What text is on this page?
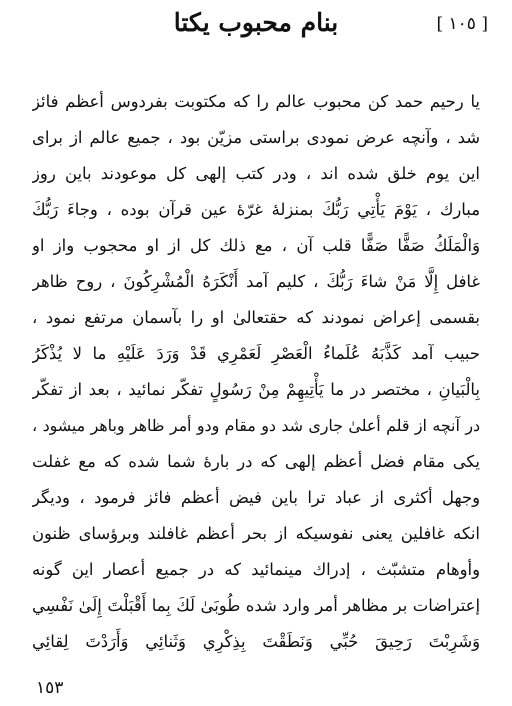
[ ١٠٥ ]
بنام محبوب يكتا
يا رحيم حمد كن محبوب عالم را كه مكتوبت بفردوس أعظم فائز
شد ، وآنچه عرض نمودى براستى مزيّن بود ، جميع عالم از براى
اين يوم خلق شده اند ، ودر كتب إلهى كل موعودند باين روز
مبارك ، يَوْمَ يَأْتِي رَبُّكَ بمنزلهٔ غرّهٔ عين قرآن بوده ، وجاءَ رَبُّكَ
وَالْمَلَكُ صَفًّا صَفًّا قلب آن ، مع ذلك كل از او محجوب واز او
غافل إِلَّا مَنْ شاءَ رَبُّكَ ، كليم آمد أَنْكَرَهُ الْمُشْرِكُونَ ، روح ظاهر
بقسمى إعراض نمودند كه حقتعالىٰ او را بآسمان مرتفع نمود ،
حبيب آمد كَذَّبَهُ عُلَماءُ الْعَصْرِ لَعَمْرِي قَدْ وَرَدَ عَلَيْهِ ما لا يُذْكَرُ
بِالْبَيانِ ، مختصر در ما يَأْتِيهِمْ مِنْ رَسُولٍ تفكّر نمائيد ، بعد از تفكّر
در آنچه از قلم أعلىٰ جارى شد دو مقام ودو أمر ظاهر وباهر ميشود ،
يكى مقام فضل أعظم إلهى كه در بارهٔ شما شده كه مع غفلت
وجهل أكثرى از عباد ترا باين فيض أعظم فائز فرمود ، وديگر
انكه غافلين يعنى نفوسيكه از بحر أعظم غافلند وبرؤساى ظنون
وأوهام متشبّث ، إدراك مينمائيد كه در جميع أعصار اين گونه
إعتراضات بر مظاهر أمر وارد شده طُوبَىٰ لَكَ بِما أَقْبَلْتَ إِلَىٰ نَفْسِي
وَشَرِبْتَ رَحِيقَ حُبِّي وَنَطَقْتَ بِذِكْرِي وَثَنائِي وَأَرَدْتَ لِقائِي
١٥٣
